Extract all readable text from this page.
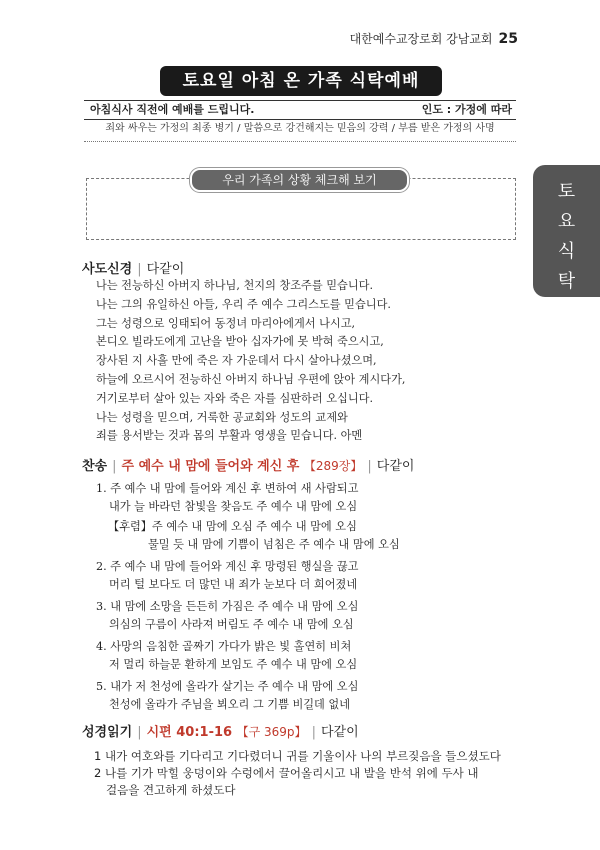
대한예수교장로회 강남교회 25
토요일 아침 온 가족 식탁예배
아침식사 직전에 예배를 드립니다.	인도 : 가정에 따라
죄와 싸우는 가정의 최종 병기 / 말씀으로 강건해지는 믿음의 강력 / 부름 받은 가정의 사명
우리 가족의 상황 체크해 보기
토
요
식
탁
예
배
사도신경 | 다같이
나는 전능하신 아버지 하나님, 천지의 창조주를 믿습니다.
나는 그의 유일하신 아들, 우리 주 예수 그리스도를 믿습니다.
그는 성령으로 잉태되어 동정녀 마리아에게서 나시고,
본디오 빌라도에게 고난을 받아 십자가에 못 박혀 죽으시고,
장사된 지 사흘 만에 죽은 자 가운데서 다시 살아나셨으며,
하늘에 오르시어 전능하신 아버지 하나님 우편에 앉아 계시다가,
거기로부터 살아 있는 자와 죽은 자를 심판하러 오십니다.
나는 성령을 믿으며, 거룩한 공교회와 성도의 교제와
죄를 용서받는 것과 몸의 부활과 영생을 믿습니다. 아멘
찬송 | 주 예수 내 맘에 들어와 계신 후 【289장】 | 다같이
1. 주 예수 내 맘에 들어와 계신 후 변하여 새 사람되고
내가 늘 바라던 참빛을 찾음도 주 예수 내 맘에 오심
【후렴】주 예수 내 맘에 오심 주 예수 내 맘에 오심
물밀 듯 내 맘에 기쁨이 넘침은 주 예수 내 맘에 오심
2. 주 예수 내 맘에 들어와 계신 후 망령된 행실을 끊고
머리 털 보다도 더 많던 내 죄가 눈보다 더 희어졌네
3. 내 맘에 소망을 든든히 가짐은 주 예수 내 맘에 오심
의심의 구름이 사라져 버림도 주 예수 내 맘에 오심
4. 사망의 음침한 골짜기 가다가 밝은 빛 홀연히 비쳐
저 멀리 하늘문 환하게 보임도 주 예수 내 맘에 오심
5. 내가 저 천성에 올라가 살기는 주 예수 내 맘에 오심
천성에 올라가 주님을 뵈오리 그 기쁨 비길데 없네
성경읽기 | 시편 40:1-16 【구 369p】 | 다같이
1 내가 여호와를 기다리고 기다렸더니 귀를 기울이사 나의 부르짖음을 들으셨도다
2 나를 기가 막힐 웅덩이와 수렁에서 끌어올리시고 내 발을 반석 위에 두사 내
걸음을 견고하게 하셨도다
